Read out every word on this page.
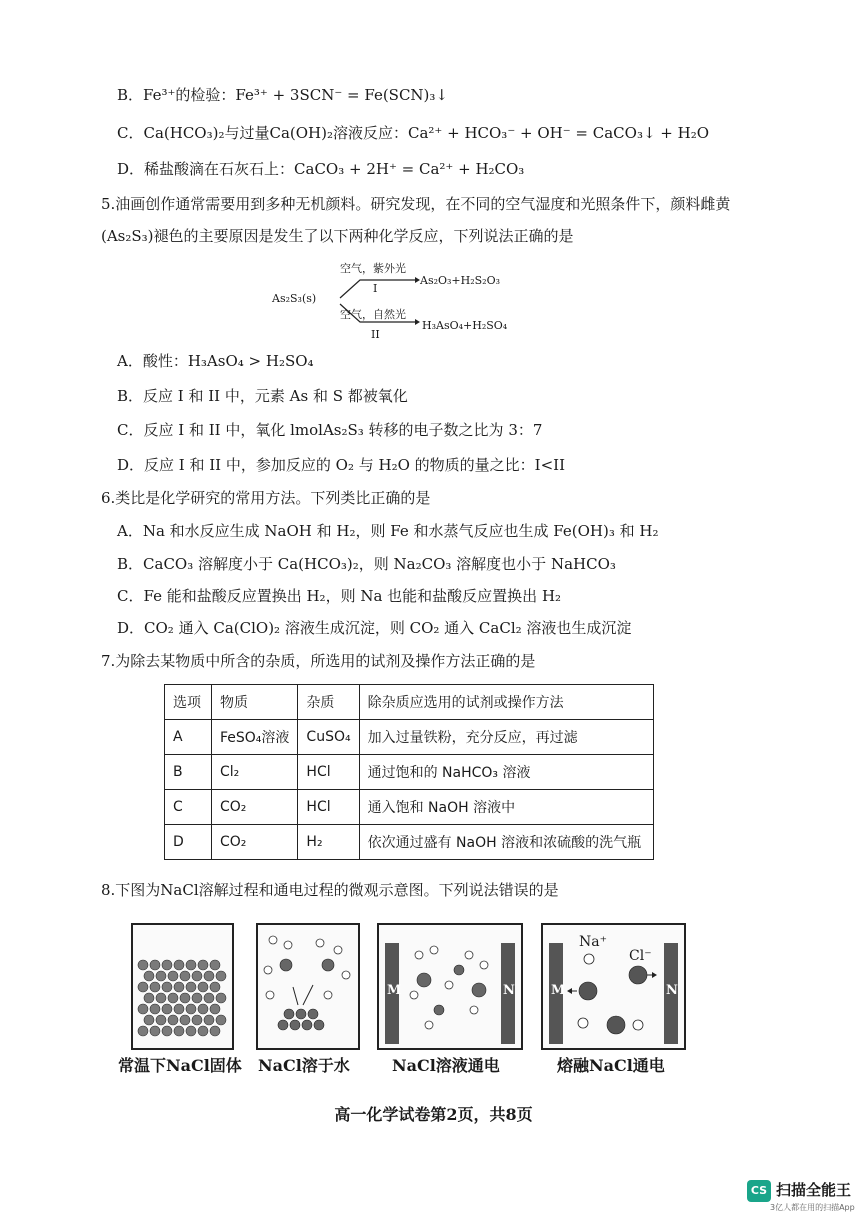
B．Fe³⁺的检验：Fe³⁺ + 3SCN⁻ = Fe(SCN)₃↓
C．Ca(HCO₃)₂与过量Ca(OH)₂溶液反应：Ca²⁺ + HCO₃⁻ + OH⁻ = CaCO₃↓ + H₂O
D．稀盐酸滴在石灰石上：CaCO₃ + 2H⁺ = Ca²⁺ + H₂CO₃
5.油画创作通常需要用到多种无机颜料。研究发现，在不同的空气湿度和光照条件下，颜料雌黄
(As₂S₃)褪色的主要原因是发生了以下两种化学反应，下列说法正确的是
As₂S₃(s)
空气，紫外光
I
As₂O₃+H₂S₂O₃
空气，自然光
II
H₃AsO₄+H₂SO₄
A．酸性：H₃AsO₄ > H₂SO₄
B．反应 I 和 II 中，元素 As 和 S 都被氧化
C．反应 I 和 II 中，氧化 lmolAs₂S₃ 转移的电子数之比为 3：7
D．反应 I 和 II 中，参加反应的 O₂ 与 H₂O 的物质的量之比：I<II
6.类比是化学研究的常用方法。下列类比正确的是
A．Na 和水反应生成 NaOH 和 H₂，则 Fe 和水蒸气反应也生成 Fe(OH)₃ 和 H₂
B．CaCO₃ 溶解度小于 Ca(HCO₃)₂，则 Na₂CO₃ 溶解度也小于 NaHCO₃
C．Fe 能和盐酸反应置换出 H₂，则 Na 也能和盐酸反应置换出 H₂
D．CO₂ 通入 Ca(ClO)₂ 溶液生成沉淀，则 CO₂ 通入 CaCl₂ 溶液也生成沉淀
7.为除去某物质中所含的杂质，所选用的试剂及操作方法正确的是
选项	物质	杂质	除杂质应选用的试剂或操作方法
A	FeSO₄溶液	CuSO₄	加入过量铁粉，充分反应，再过滤
B	Cl₂	HCl	通过饱和的 NaHCO₃ 溶液
C	CO₂	HCl	通入饱和 NaOH 溶液中
D	CO₂	H₂	依次通过盛有 NaOH 溶液和浓硫酸的洗气瓶
8.下图为NaCl溶解过程和通电过程的微观示意图。下列说法错误的是
M	N	M	N
Na⁺
Cl⁻
常温下NaCl固体 NaCl溶于水	NaCl溶液通电	熔融NaCl通电
高一化学试卷第2页，共8页
CS 扫描全能王
3亿人都在用的扫描App
